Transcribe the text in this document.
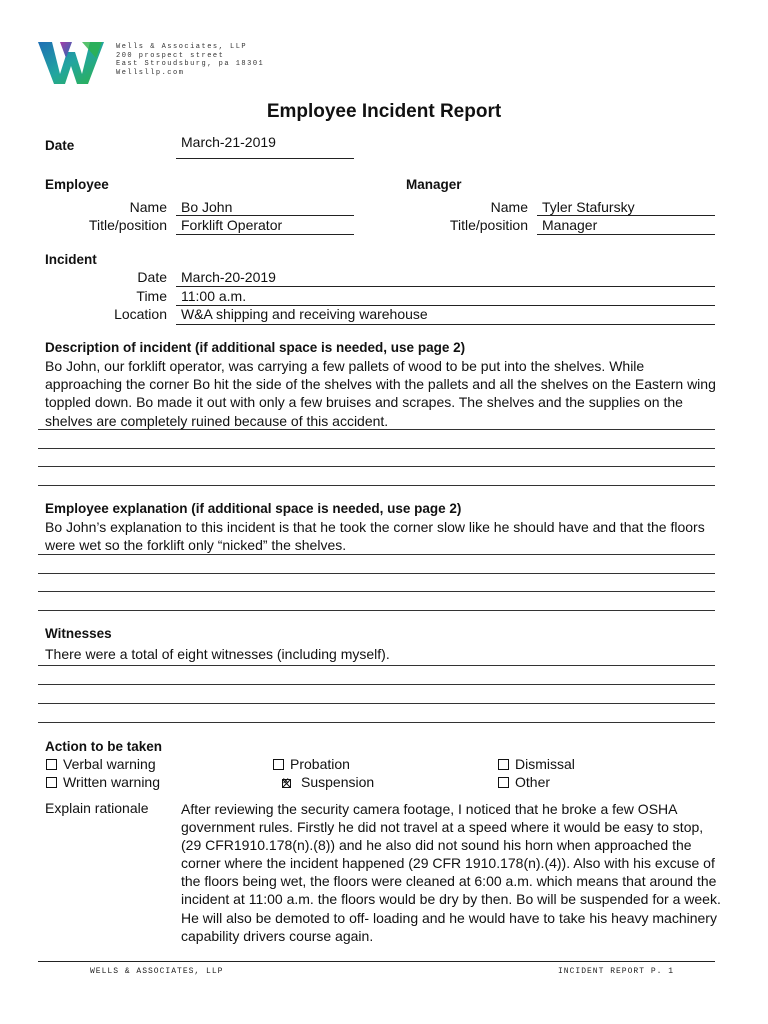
Wells & Associates, LLP
200 prospect street
East Stroudsburg, pa 18301
Wellsllp.com
Employee Incident Report
Date	March-21-2019
Employee
Name Bo John
Title/position Forklift Operator
Manager
Name Tyler Stafursky
Title/position Manager
Incident
Date March-20-2019
Time 11:00 a.m.
Location W&A shipping and receiving warehouse
Description of incident (if additional space is needed, use page 2)
Bo John, our forklift operator, was carrying a few pallets of wood to be put into the shelves. While approaching the corner Bo hit the side of the shelves with the pallets and all the shelves on the Eastern wing toppled down. Bo made it out with only a few bruises and scrapes. The shelves and the supplies on the shelves are completely ruined because of this accident.
Employee explanation (if additional space is needed, use page 2)
Bo John’s explanation to this incident is that he took the corner slow like he should have and that the floors were wet so the forklift only “nicked” the shelves.
Witnesses
There were a total of eight witnesses (including myself).
Action to be taken
Verbal warning
Written warning
Probation
✕Suspension
Dismissal
Other
Explain rationale After reviewing the security camera footage, I noticed that he broke a few OSHA government rules. Firstly he did not travel at a speed where it would be easy to stop, (29 CFR1910.178(n).(8)) and he also did not sound his horn when approached the corner where the incident happened (29 CFR 1910.178(n).(4)). Also with his excuse of the floors being wet, the floors were cleaned at 6:00 a.m. which means that around the incident at 11:00 a.m. the floors would be dry by then. Bo will be suspended for a week. He will also be demoted to off- loading and he would have to take his heavy machinery capability drivers course again.
WELLS & ASSOCIATES, LLP	INCIDENT REPORT P. 1
